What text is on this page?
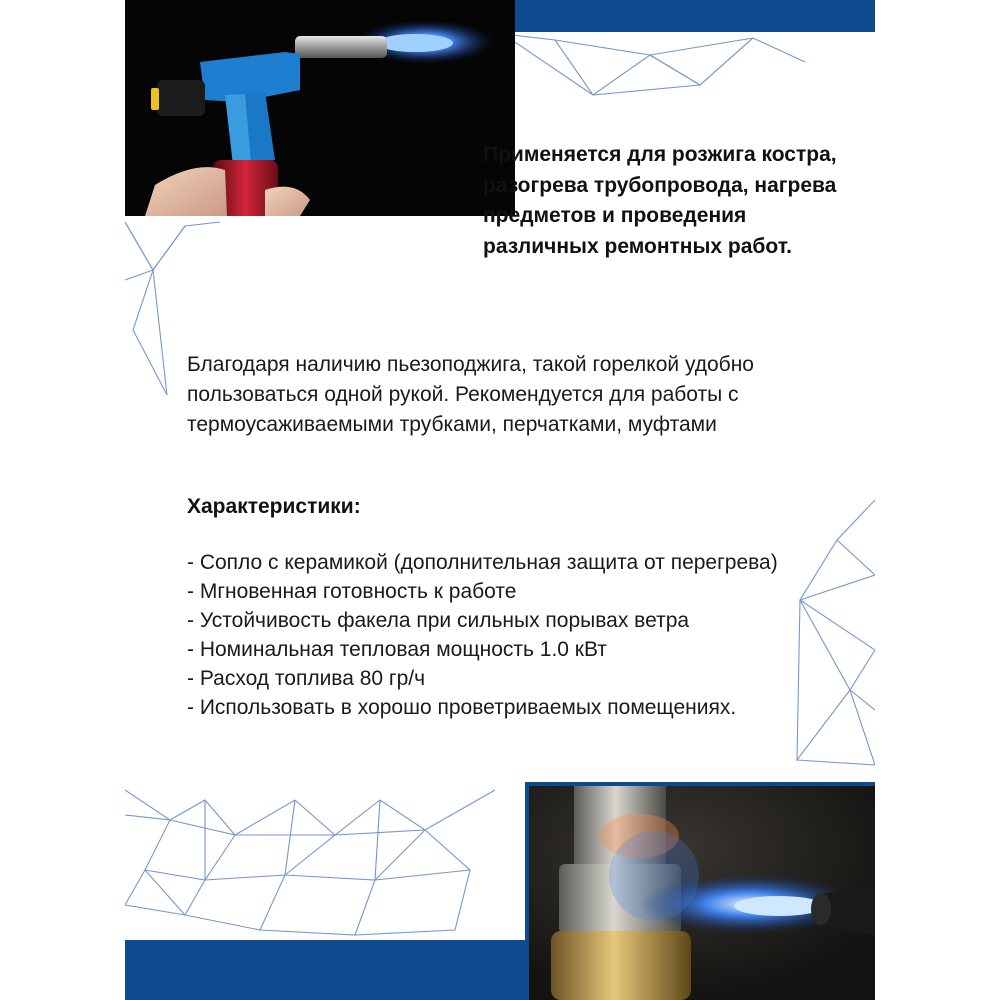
Применяется для розжига костра, разогрева трубопровода, нагрева предметов и проведения различных ремонтных работ.
Благодаря наличию пьезоподжига, такой горелкой удобно пользоваться одной рукой. Рекомендуется для работы с термоусаживаемыми трубками, перчатками, муфтами
Характеристики:
- Сопло с керамикой (дополнительная защита от перегрева)
- Мгновенная готовность к работе
- Устойчивость факела при сильных порывах ветра
- Номинальная тепловая мощность 1.0 кВт
- Расход топлива 80 гр/ч
- Использовать в хорошо проветриваемых помещениях.
